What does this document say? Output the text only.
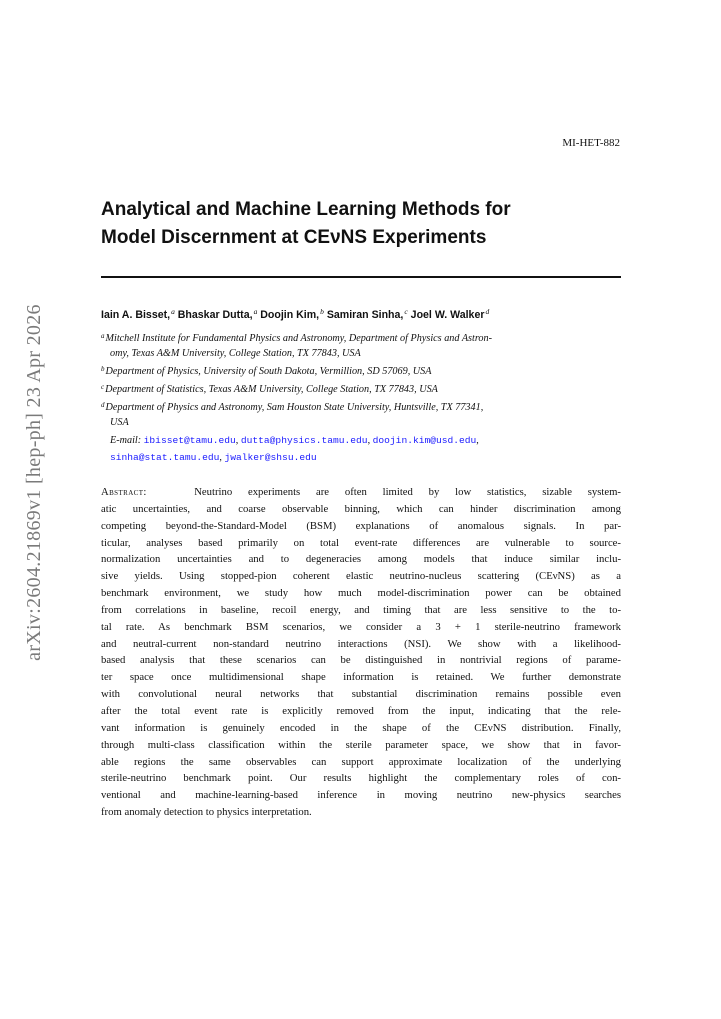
arXiv:2604.21869v1 [hep-ph] 23 Apr 2026
MI-HET-882
Analytical and Machine Learning Methods for
Model Discernment at CEνNS Experiments
Iain A. Bisset,$^a$ Bhaskar Dutta,$^a$ Doojin Kim,$^b$ Samiran Sinha,$^c$ Joel W. Walker$^d$
$^a$Mitchell Institute for Fundamental Physics and Astronomy, Department of Physics and Astron-
omy, Texas A&M University, College Station, TX 77843, USA
$^b$Department of Physics, University of South Dakota, Vermillion, SD 57069, USA
$^c$Department of Statistics, Texas A&M University, College Station, TX 77843, USA
$^d$Department of Physics and Astronomy, Sam Houston State University, Huntsville, TX 77341,
USA
E-mail: ibisset@tamu.edu, dutta@physics.tamu.edu, doojin.kim@usd.edu,
sinha@stat.tamu.edu, jwalker@shsu.edu
Abstract:	Neutrino experiments are often limited by low statistics, sizable system-
atic uncertainties, and coarse observable binning, which can hinder discrimination among
competing beyond-the-Standard-Model (BSM) explanations of anomalous signals. In par-
ticular, analyses based primarily on total event-rate differences are vulnerable to source-
normalization uncertainties and to degeneracies among models that induce similar inclu-
sive yields. Using stopped-pion coherent elastic neutrino-nucleus scattering (CEνNS) as a
benchmark environment, we study how much model-discrimination power can be obtained
from correlations in baseline, recoil energy, and timing that are less sensitive to the to-
tal rate. As benchmark BSM scenarios, we consider a 3 + 1 sterile-neutrino framework
and neutral-current non-standard neutrino interactions (NSI). We show with a likelihood-
based analysis that these scenarios can be distinguished in nontrivial regions of parame-
ter space once multidimensional shape information is retained. We further demonstrate
with convolutional neural networks that substantial discrimination remains possible even
after the total event rate is explicitly removed from the input, indicating that the rele-
vant information is genuinely encoded in the shape of the CEνNS distribution. Finally,
through multi-class classification within the sterile parameter space, we show that in favor-
able regions the same observables can support approximate localization of the underlying
sterile-neutrino benchmark point. Our results highlight the complementary roles of con-
ventional and machine-learning-based inference in moving neutrino new-physics searches
from anomaly detection to physics interpretation.
